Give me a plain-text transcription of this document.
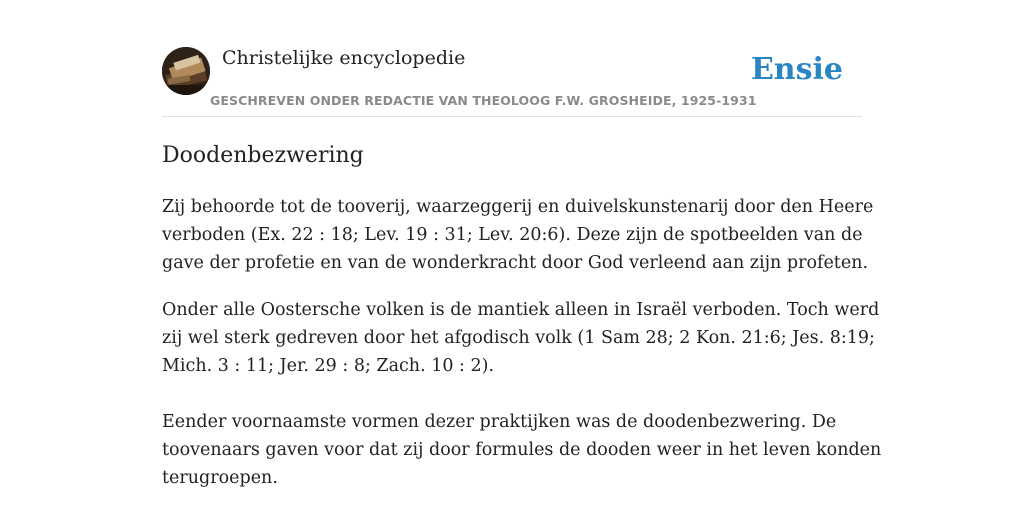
Christelijke encyclopedie
GESCHREVEN ONDER REDACTIE VAN THEOLOOG F.W. GROSHEIDE, 1925-1931
Ensie
Doodenbezwering

Zij behoorde tot de tooverij, waarzeggerij en duivelskunstenarij door den Heere
verboden (Ex. 22 : 18; Lev. 19 : 31; Lev. 20:6). Deze zijn de spotbeelden van de
gave der profetie en van de wonderkracht door God verleend aan zijn profeten.

Onder alle Oostersche volken is de mantiek alleen in Israël verboden. Toch werd
zij wel sterk gedreven door het afgodisch volk (1 Sam 28; 2 Kon. 21:6; Jes. 8:19;
Mich. 3 : 11; Jer. 29 : 8; Zach. 10 : 2).

Eender voornaamste vormen dezer praktijken was de doodenbezwering. De
toovenaars gaven voor dat zij door formules de dooden weer in het leven konden
terugroepen.
